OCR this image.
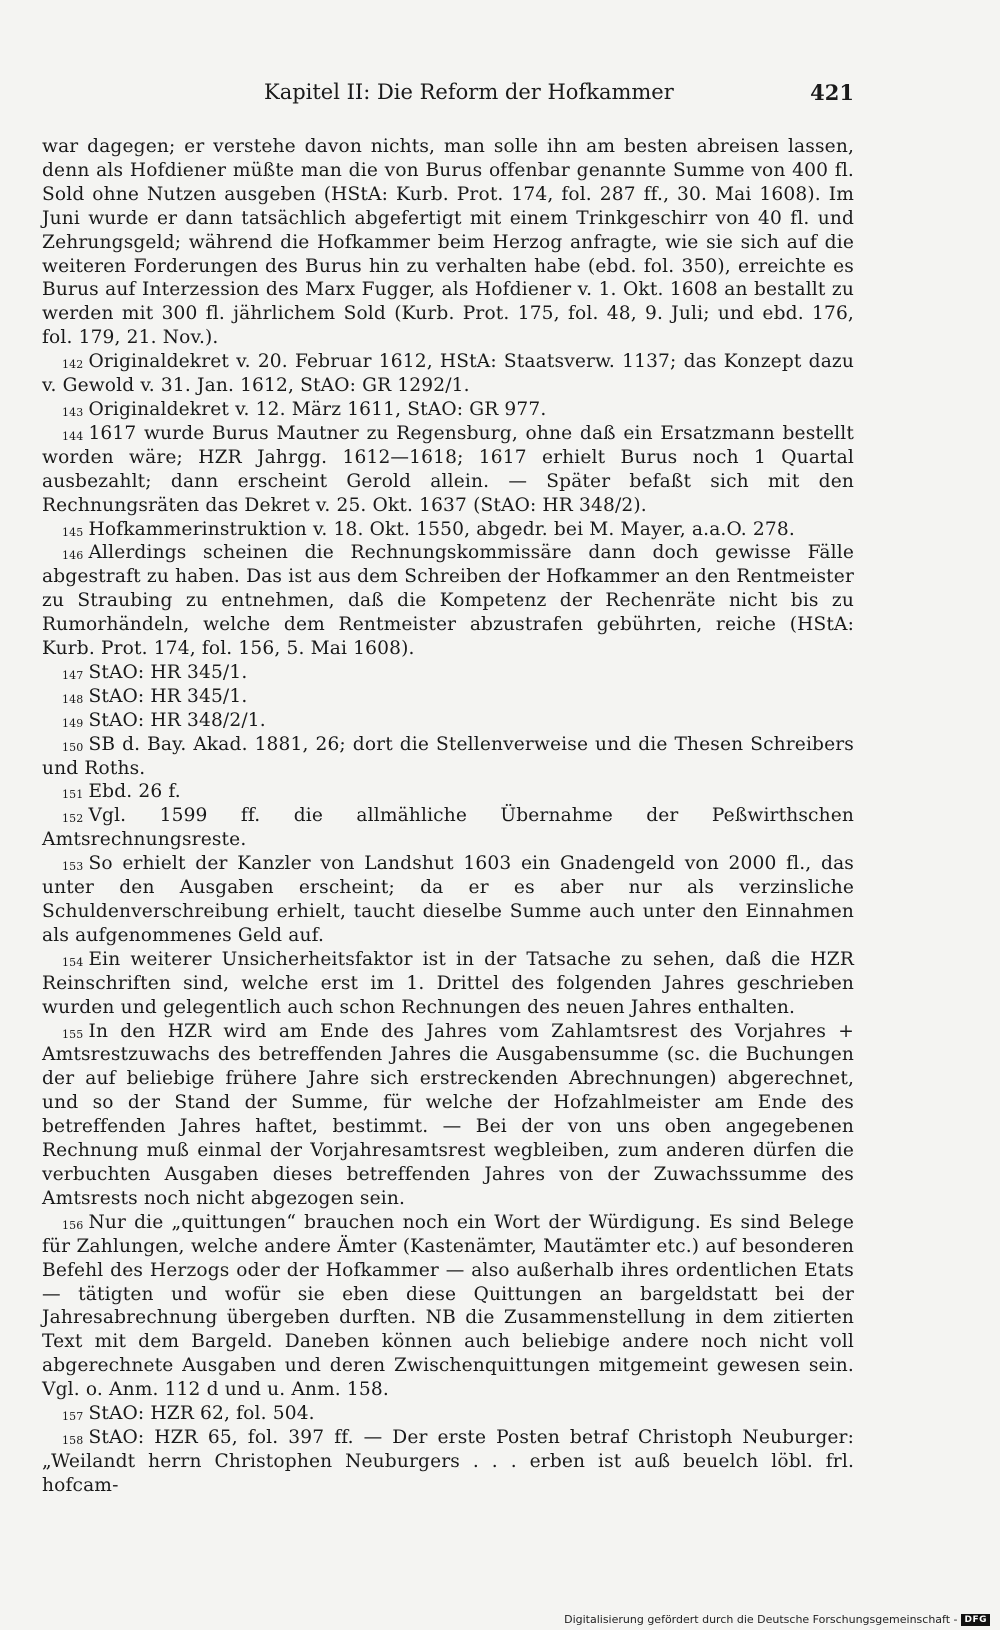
Kapitel II: Die Reform der Hofkammer	421

war dagegen; er verstehe davon nichts, man solle ihn am besten abreisen lassen, denn als Hofdiener müßte man die von Burus offenbar genannte Summe von 400 fl. Sold ohne Nutzen ausgeben (HStA: Kurb. Prot. 174, fol. 287 ff., 30. Mai 1608). Im Juni wurde er dann tatsächlich abgefertigt mit einem Trinkgeschirr von 40 fl. und Zehrungsgeld; während die Hofkammer beim Herzog anfragte, wie sie sich auf die weiteren Forderungen des Burus hin zu verhalten habe (ebd. fol. 350), erreichte es Burus auf Interzession des Marx Fugger, als Hofdiener v. 1. Okt. 1608 an bestallt zu werden mit 300 fl. jährlichem Sold (Kurb. Prot. 175, fol. 48, 9. Juli; und ebd. 176, fol. 179, 21. Nov.).

$^{142}$ Originaldekret v. 20. Februar 1612, HStA: Staatsverw. 1137; das Konzept dazu v. Gewold v. 31. Jan. 1612, StAO: GR 1292/1.

$^{143}$ Originaldekret v. 12. März 1611, StAO: GR 977.

$^{144}$ 1617 wurde Burus Mautner zu Regensburg, ohne daß ein Ersatzmann bestellt worden wäre; HZR Jahrgg. 1612—1618; 1617 erhielt Burus noch 1 Quartal ausbezahlt; dann erscheint Gerold allein. — Später befaßt sich mit den Rechnungsräten das Dekret v. 25. Okt. 1637 (StAO: HR 348/2).

$^{145}$ Hofkammerinstruktion v. 18. Okt. 1550, abgedr. bei M. Mayer, a.a.O. 278.

$^{146}$ Allerdings scheinen die Rechnungskommissäre dann doch gewisse Fälle abgestraft zu haben. Das ist aus dem Schreiben der Hofkammer an den Rentmeister zu Straubing zu entnehmen, daß die Kompetenz der Rechenräte nicht bis zu Rumorhändeln, welche dem Rentmeister abzustrafen gebührten, reiche (HStA: Kurb. Prot. 174, fol. 156, 5. Mai 1608).

$^{147}$ StAO: HR 345/1.

$^{148}$ StAO: HR 345/1.

$^{149}$ StAO: HR 348/2/1.

$^{150}$ SB d. Bay. Akad. 1881, 26; dort die Stellenverweise und die Thesen Schreibers und Roths.

$^{151}$ Ebd. 26 f.

$^{152}$ Vgl. 1599 ff. die allmähliche Übernahme der Peßwirthschen Amtsrechnungsreste.

$^{153}$ So erhielt der Kanzler von Landshut 1603 ein Gnadengeld von 2000 fl., das unter den Ausgaben erscheint; da er es aber nur als verzinsliche Schuldenverschreibung erhielt, taucht dieselbe Summe auch unter den Einnahmen als aufgenommenes Geld auf.

$^{154}$ Ein weiterer Unsicherheitsfaktor ist in der Tatsache zu sehen, daß die HZR Reinschriften sind, welche erst im 1. Drittel des folgenden Jahres geschrieben wurden und gelegentlich auch schon Rechnungen des neuen Jahres enthalten.

$^{155}$ In den HZR wird am Ende des Jahres vom Zahlamtsrest des Vorjahres + Amtsrestzuwachs des betreffenden Jahres die Ausgabensumme (sc. die Buchungen der auf beliebige frühere Jahre sich erstreckenden Abrechnungen) abgerechnet, und so der Stand der Summe, für welche der Hofzahlmeister am Ende des betreffenden Jahres haftet, bestimmt. — Bei der von uns oben angegebenen Rechnung muß einmal der Vorjahresamtsrest wegbleiben, zum anderen dürfen die verbuchten Ausgaben dieses betreffenden Jahres von der Zuwachssumme des Amtsrests noch nicht abgezogen sein.

$^{156}$ Nur die „quittungen“ brauchen noch ein Wort der Würdigung. Es sind Belege für Zahlungen, welche andere Ämter (Kastenämter, Mautämter etc.) auf besonderen Befehl des Herzogs oder der Hofkammer — also außerhalb ihres ordentlichen Etats — tätigten und wofür sie eben diese Quittungen an bargeldstatt bei der Jahresabrechnung übergeben durften. NB die Zusammenstellung in dem zitierten Text mit dem Bargeld. Daneben können auch beliebige andere noch nicht voll abgerechnete Ausgaben und deren Zwischenquittungen mitgemeint gewesen sein. Vgl. o. Anm. 112 d und u. Anm. 158.

$^{157}$ StAO: HZR 62, fol. 504.

$^{158}$ StAO: HZR 65, fol. 397 ff. — Der erste Posten betraf Christoph Neuburger: „Weilandt herrn Christophen Neuburgers . . . erben ist auß beuelch löbl. frl. hofcam-

Digitalisierung gefördert durch die Deutsche Forschungsgemeinschaft - DFG
